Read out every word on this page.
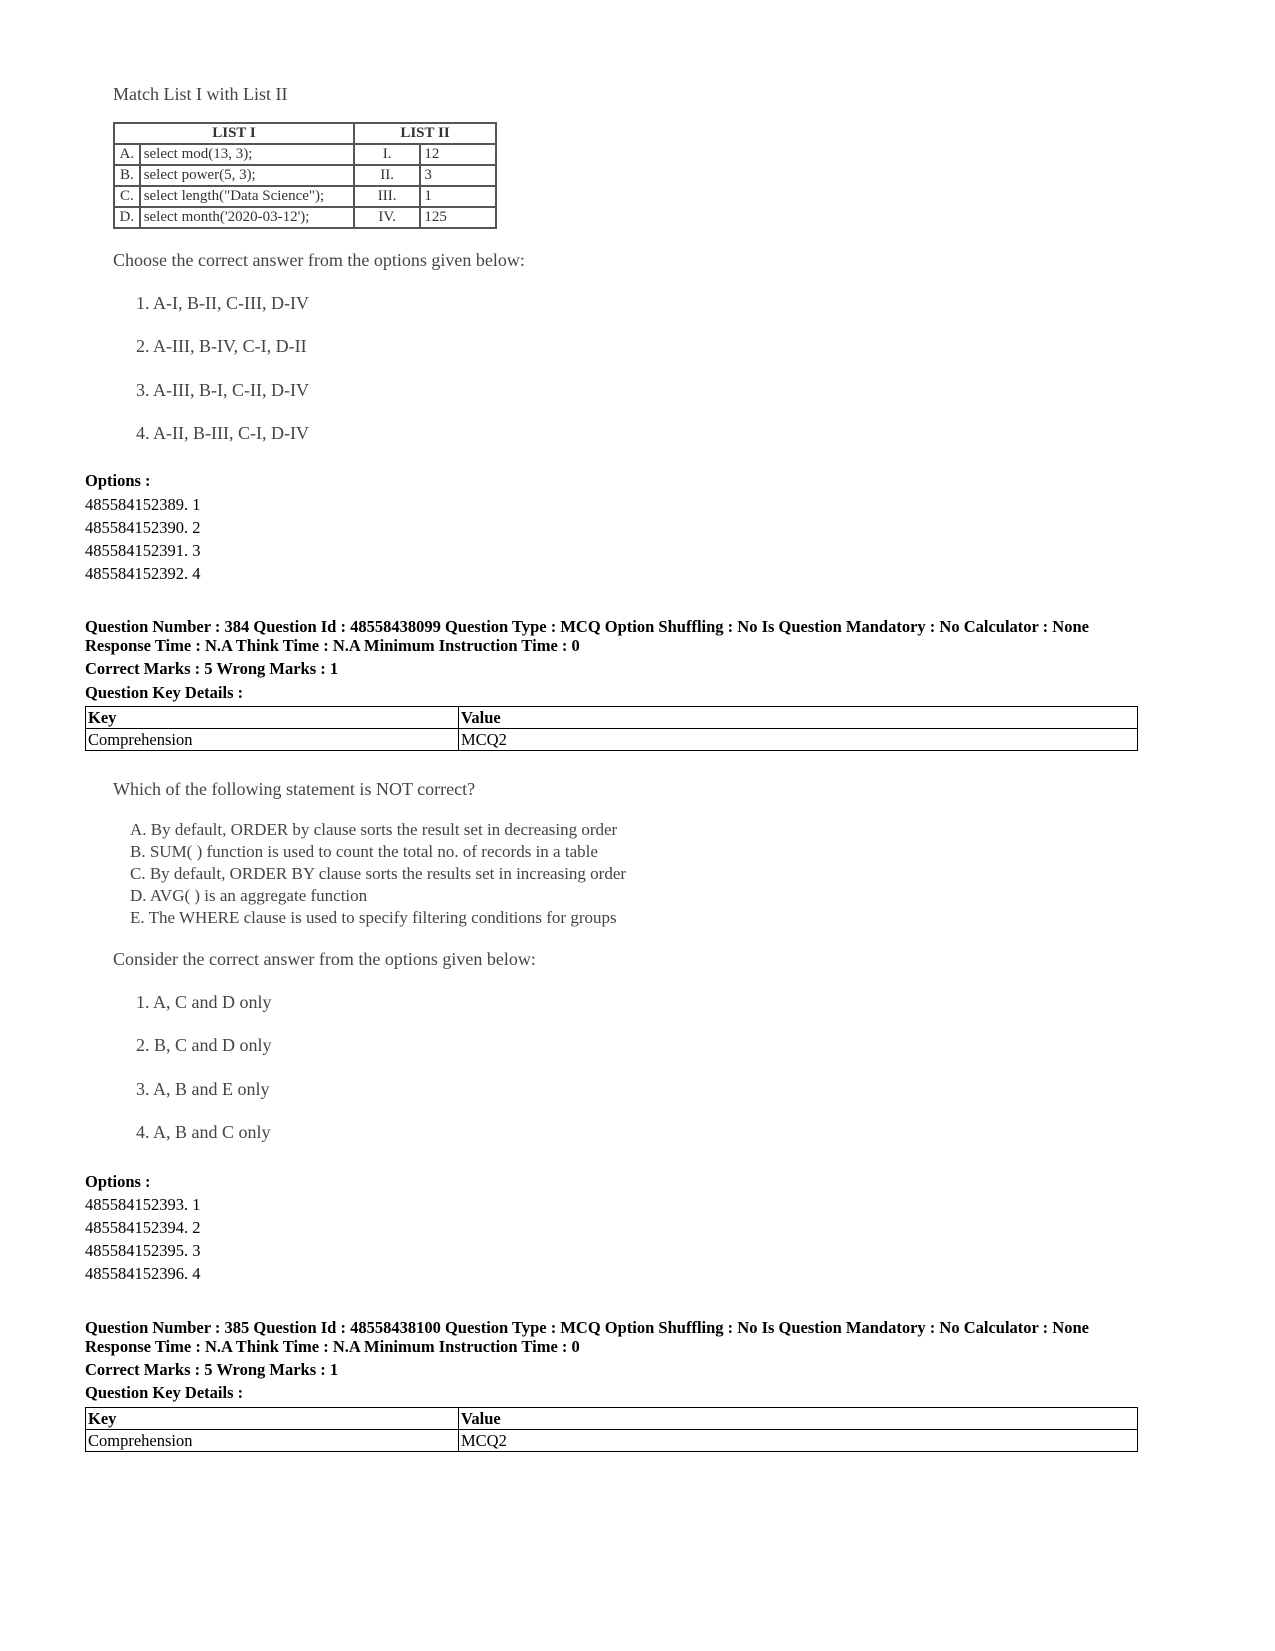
Match List I with List II
LIST I		LIST II	
A.	select mod(13, 3);	I.	12
B.	select power(5, 3);	II.	3
C.	select length("Data Science");	III.	1
D.	select month('2020-03-12');	IV.	125
Choose the correct answer from the options given below:
1. A-I, B-II, C-III, D-IV
2. A-III, B-IV, C-I, D-II
3. A-III, B-I, C-II, D-IV
4. A-II, B-III, C-I, D-IV
Options :
485584152389. 1
485584152390. 2
485584152391. 3
485584152392. 4
Question Number : 384 Question Id : 48558438099 Question Type : MCQ Option Shuffling : No Is Question Mandatory : No Calculator : None
Response Time : N.A Think Time : N.A Minimum Instruction Time : 0
Correct Marks : 5 Wrong Marks : 1
Question Key Details :
Key	Value
Comprehension	MCQ2
Which of the following statement is NOT correct?
A. By default, ORDER by clause sorts the result set in decreasing order
B. SUM( ) function is used to count the total no. of records in a table
C. By default, ORDER BY clause sorts the results set in increasing order
D. AVG( ) is an aggregate function
E. The WHERE clause is used to specify filtering conditions for groups
Consider the correct answer from the options given below:
1. A, C and D only
2. B, C and D only
3. A, B and E only
4. A, B and C only
Options :
485584152393. 1
485584152394. 2
485584152395. 3
485584152396. 4
Question Number : 385 Question Id : 48558438100 Question Type : MCQ Option Shuffling : No Is Question Mandatory : No Calculator : None
Response Time : N.A Think Time : N.A Minimum Instruction Time : 0
Correct Marks : 5 Wrong Marks : 1
Question Key Details :
Key	Value
Comprehension	MCQ2
